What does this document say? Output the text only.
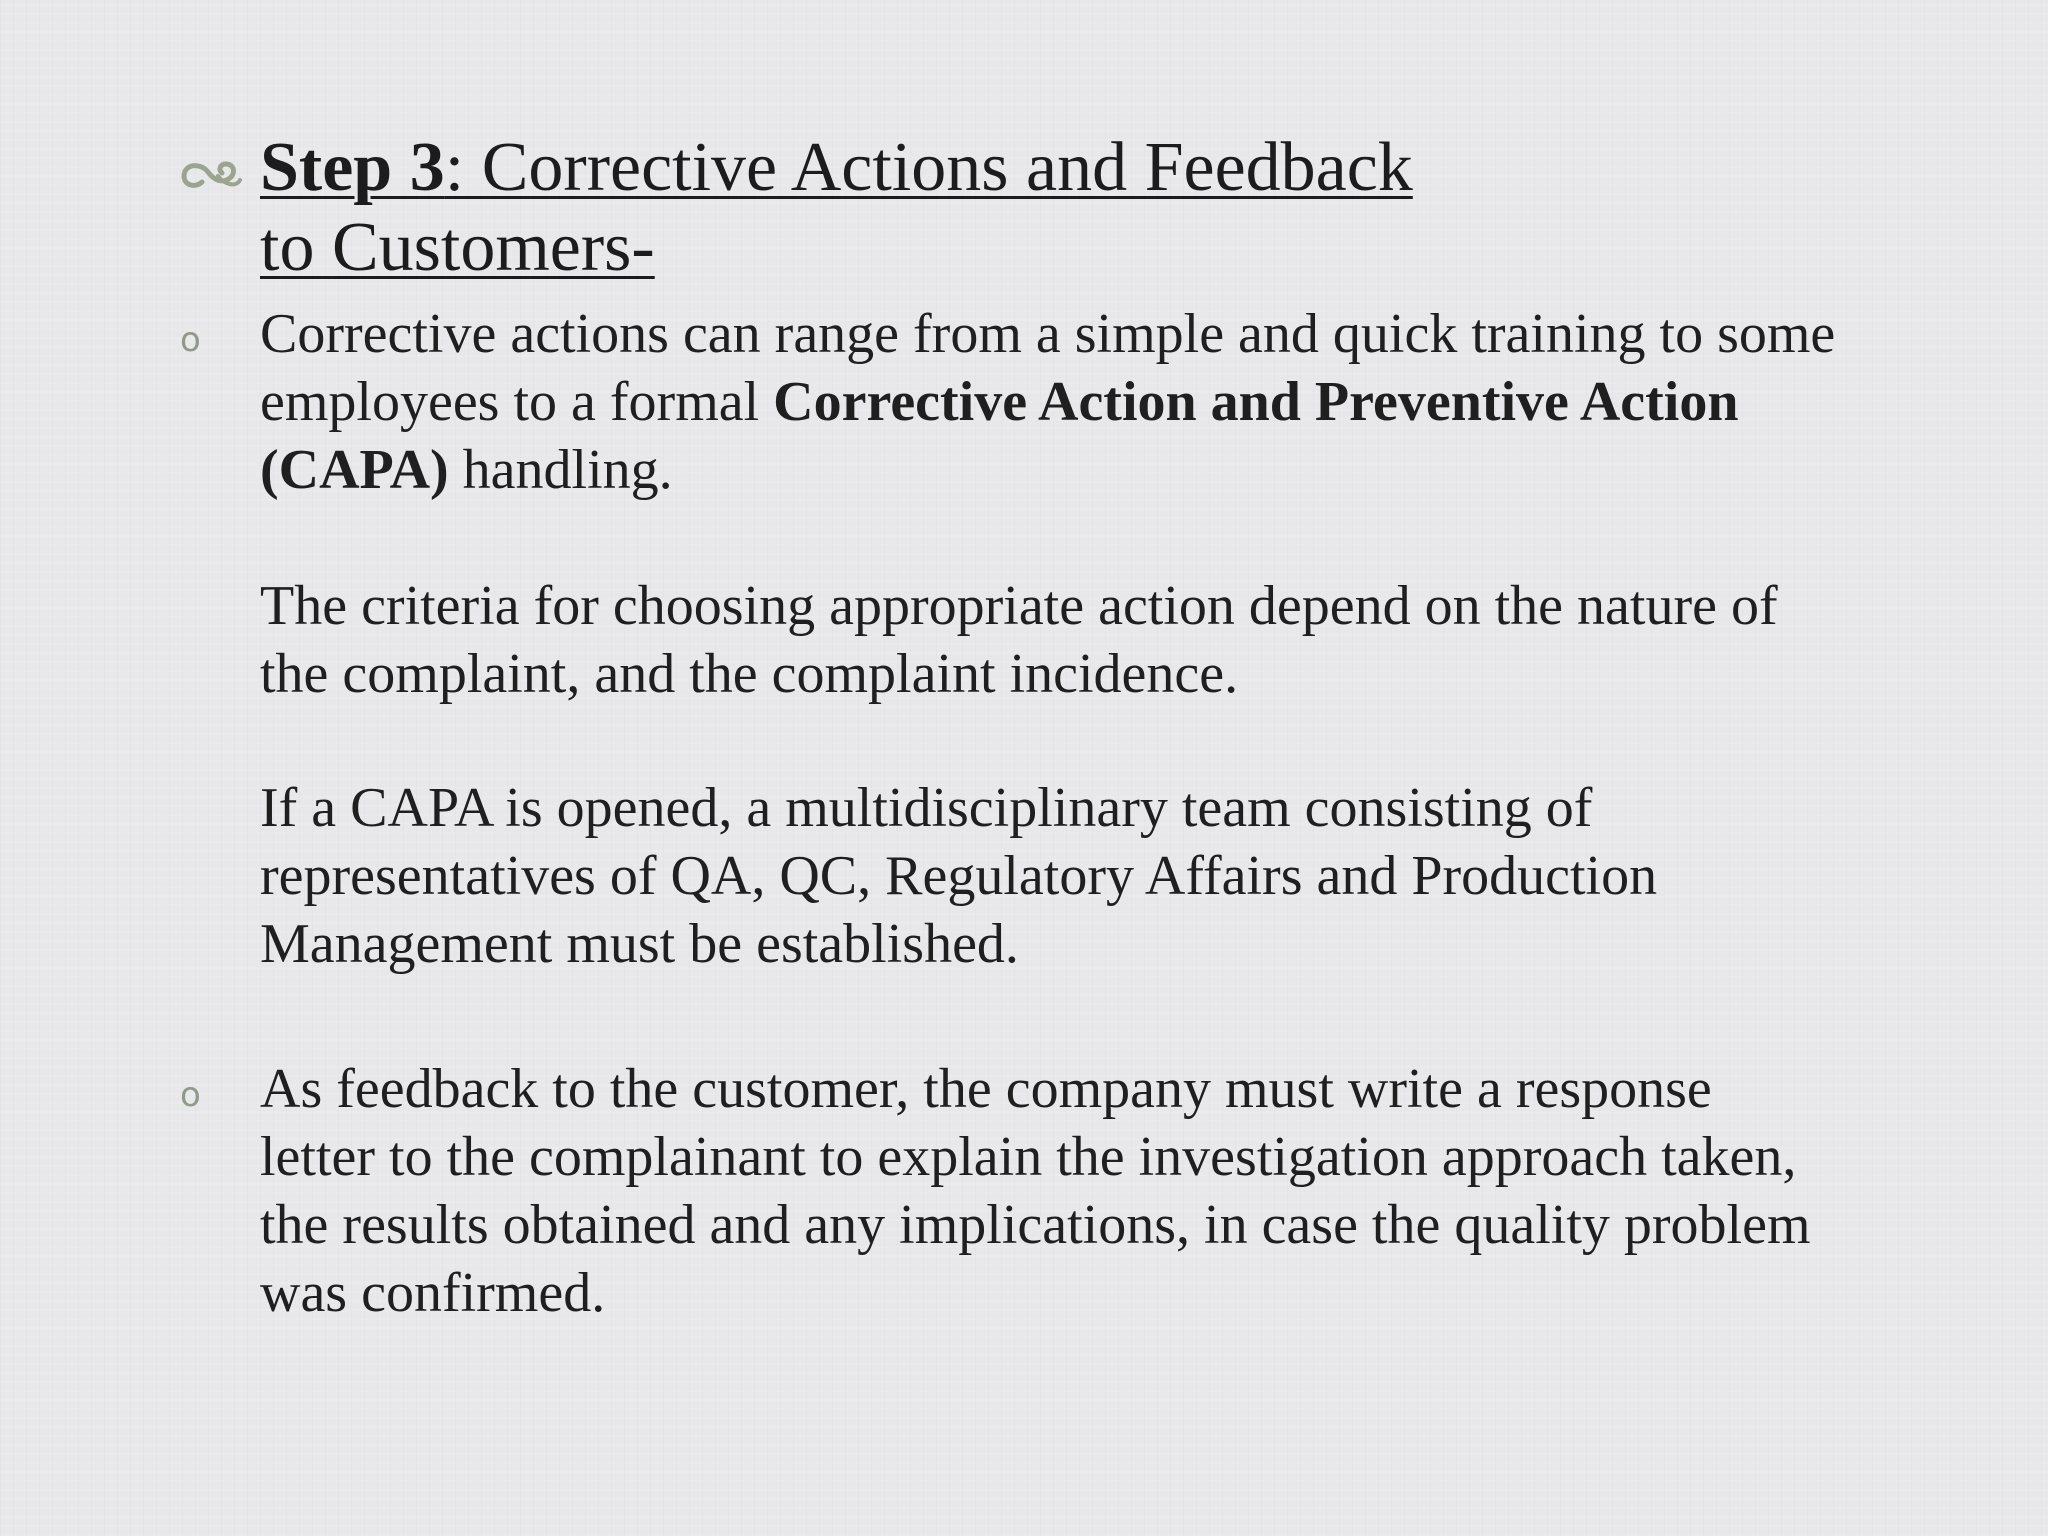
Step 3: Corrective Actions and Feedback
to Customers-
o Corrective actions can range from a simple and quick training to some employees to a formal Corrective Action and Preventive Action (CAPA) handling.
The criteria for choosing appropriate action depend on the nature of the complaint, and the complaint incidence.
If a CAPA is opened, a multidisciplinary team consisting of representatives of QA, QC, Regulatory Affairs and Production Management must be established.
o As feedback to the customer, the company must write a response letter to the complainant to explain the investigation approach taken, the results obtained and any implications, in case the quality problem was confirmed.
